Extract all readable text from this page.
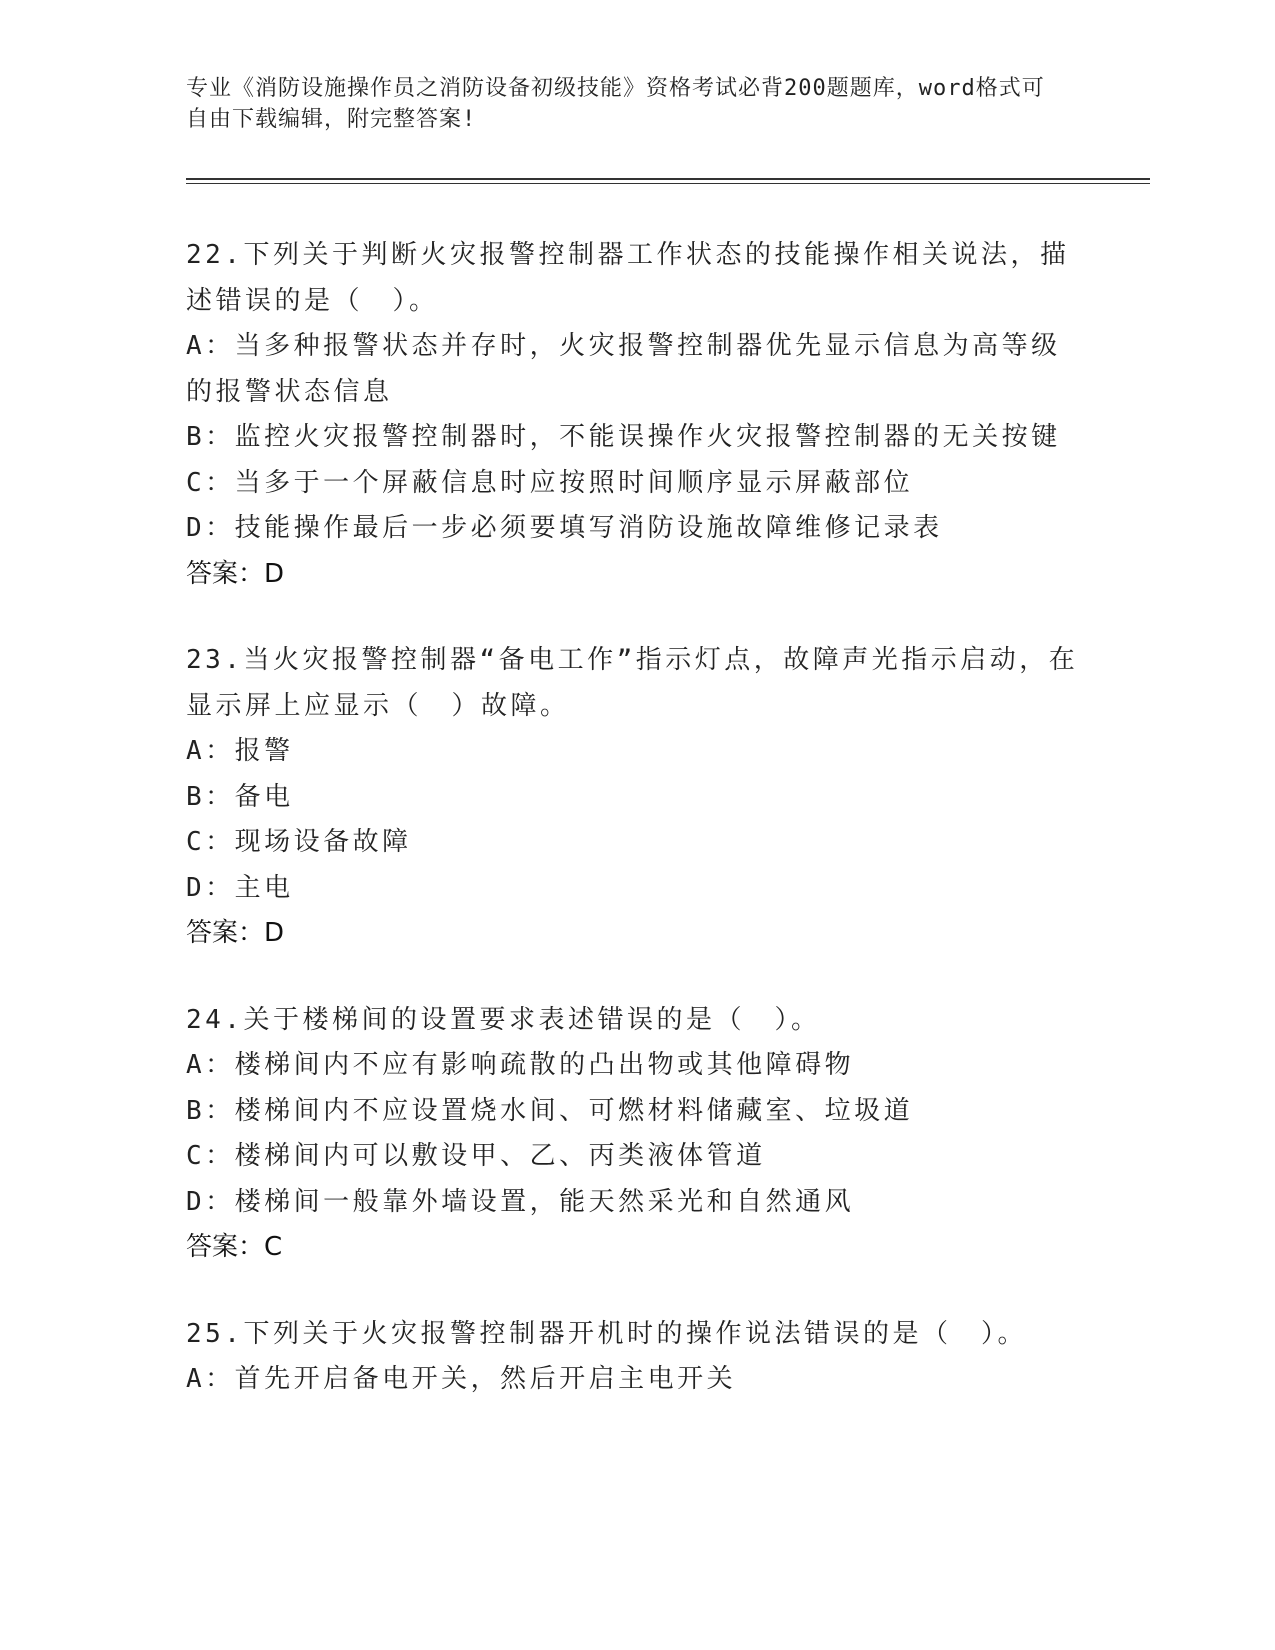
专业《消防设施操作员之消防设备初级技能》资格考试必背200题题库，word格式可自由下载编辑，附完整答案!

22.下列关于判断火灾报警控制器工作状态的技能操作相关说法，描述错误的是（　）。

A：当多种报警状态并存时，火灾报警控制器优先显示信息为高等级的报警状态信息

B：监控火灾报警控制器时，不能误操作火灾报警控制器的无关按键

C：当多于一个屏蔽信息时应按照时间顺序显示屏蔽部位

D：技能操作最后一步必须要填写消防设施故障维修记录表

答案：D

23.当火灾报警控制器“备电工作”指示灯点，故障声光指示启动，在显示屏上应显示（　）故障。

A：报警

B：备电

C：现场设备故障

D：主电

答案：D

24.关于楼梯间的设置要求表述错误的是（　）。

A：楼梯间内不应有影响疏散的凸出物或其他障碍物

B：楼梯间内不应设置烧水间、可燃材料储藏室、垃圾道

C：楼梯间内可以敷设甲、乙、丙类液体管道

D：楼梯间一般靠外墙设置，能天然采光和自然通风

答案：C

25.下列关于火灾报警控制器开机时的操作说法错误的是（　）。

A：首先开启备电开关，然后开启主电开关
